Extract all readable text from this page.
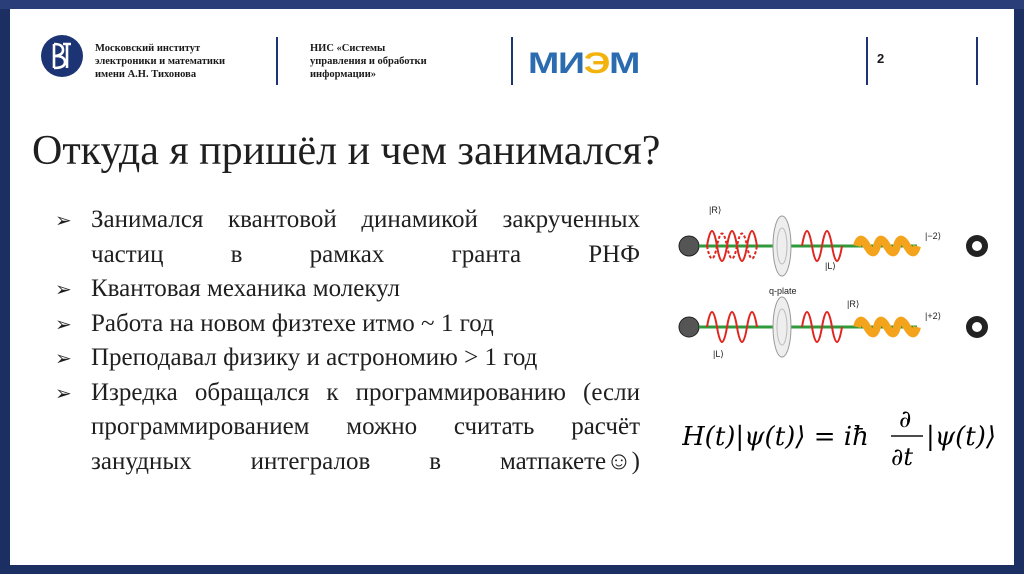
Московский институт
электроники и математики
имени А.Н. Тихонова
НИС «Системы
управления и обработки
информации»	МИЭМ	2
Откуда я пришёл и чем занимался?
➢ Занимался квантовой динамикой закрученных частиц в рамках гранта РНФ
➢ Квантовая механика молекул
➢ Работа на новом физтехе итмо ~ 1 год
➢ Преподавал физику и астрономию > 1 год
➢ Изредка обращался к программированию (если программированием можно считать расчёт занудных интегралов в матпакете☺)
|R⟩
|L⟩
|−2⟩
q-plate
|R⟩
|L⟩
|+2⟩
H(t)|ψ(t)⟩ = iħ
∂
∂t
|ψ(t)⟩
